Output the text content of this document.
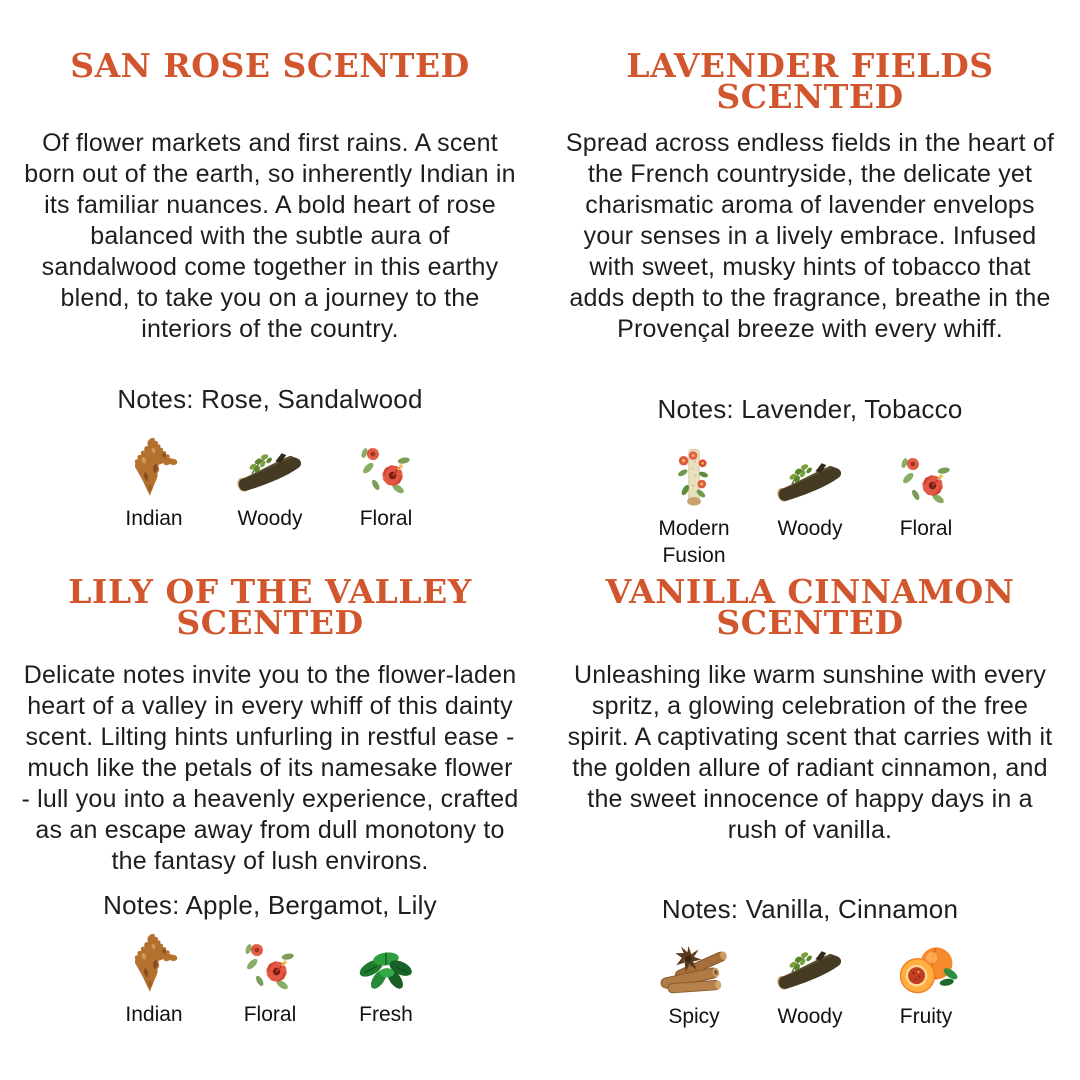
SAN ROSE SCENTED

Of flower markets and first rains. A scent born out of the earth, so inherently Indian in its familiar nuances. A bold heart of rose balanced with the subtle aura of sandalwood come together in this earthy blend, to take you on a journey to the interiors of the country.

Notes: Rose, Sandalwood

Indian	Woody	Floral
LAVENDER FIELDS SCENTED

Spread across endless fields in the heart of the French countryside, the delicate yet charismatic aroma of lavender envelops your senses in a lively embrace. Infused with sweet, musky hints of tobacco that adds depth to the fragrance, breathe in the Provençal breeze with every whiff.

Notes: Lavender, Tobacco

Modern Fusion
Woody	Floral
LILY OF THE VALLEY SCENTED

Delicate notes invite you to the flower-laden heart of a valley in every whiff of this dainty scent. Lilting hints unfurling in restful ease - much like the petals of its namesake flower - lull you into a heavenly experience, crafted as an escape away from dull monotony to the fantasy of lush environs.

Notes: Apple, Bergamot, Lily

Indian	Floral	Fresh
VANILLA CINNAMON SCENTED

Unleashing like warm sunshine with every spritz, a glowing celebration of the free spirit. A captivating scent that carries with it the golden allure of radiant cinnamon, and the sweet innocence of happy days in a rush of vanilla.

Notes: Vanilla, Cinnamon

Spicy	Woody	Fruity
